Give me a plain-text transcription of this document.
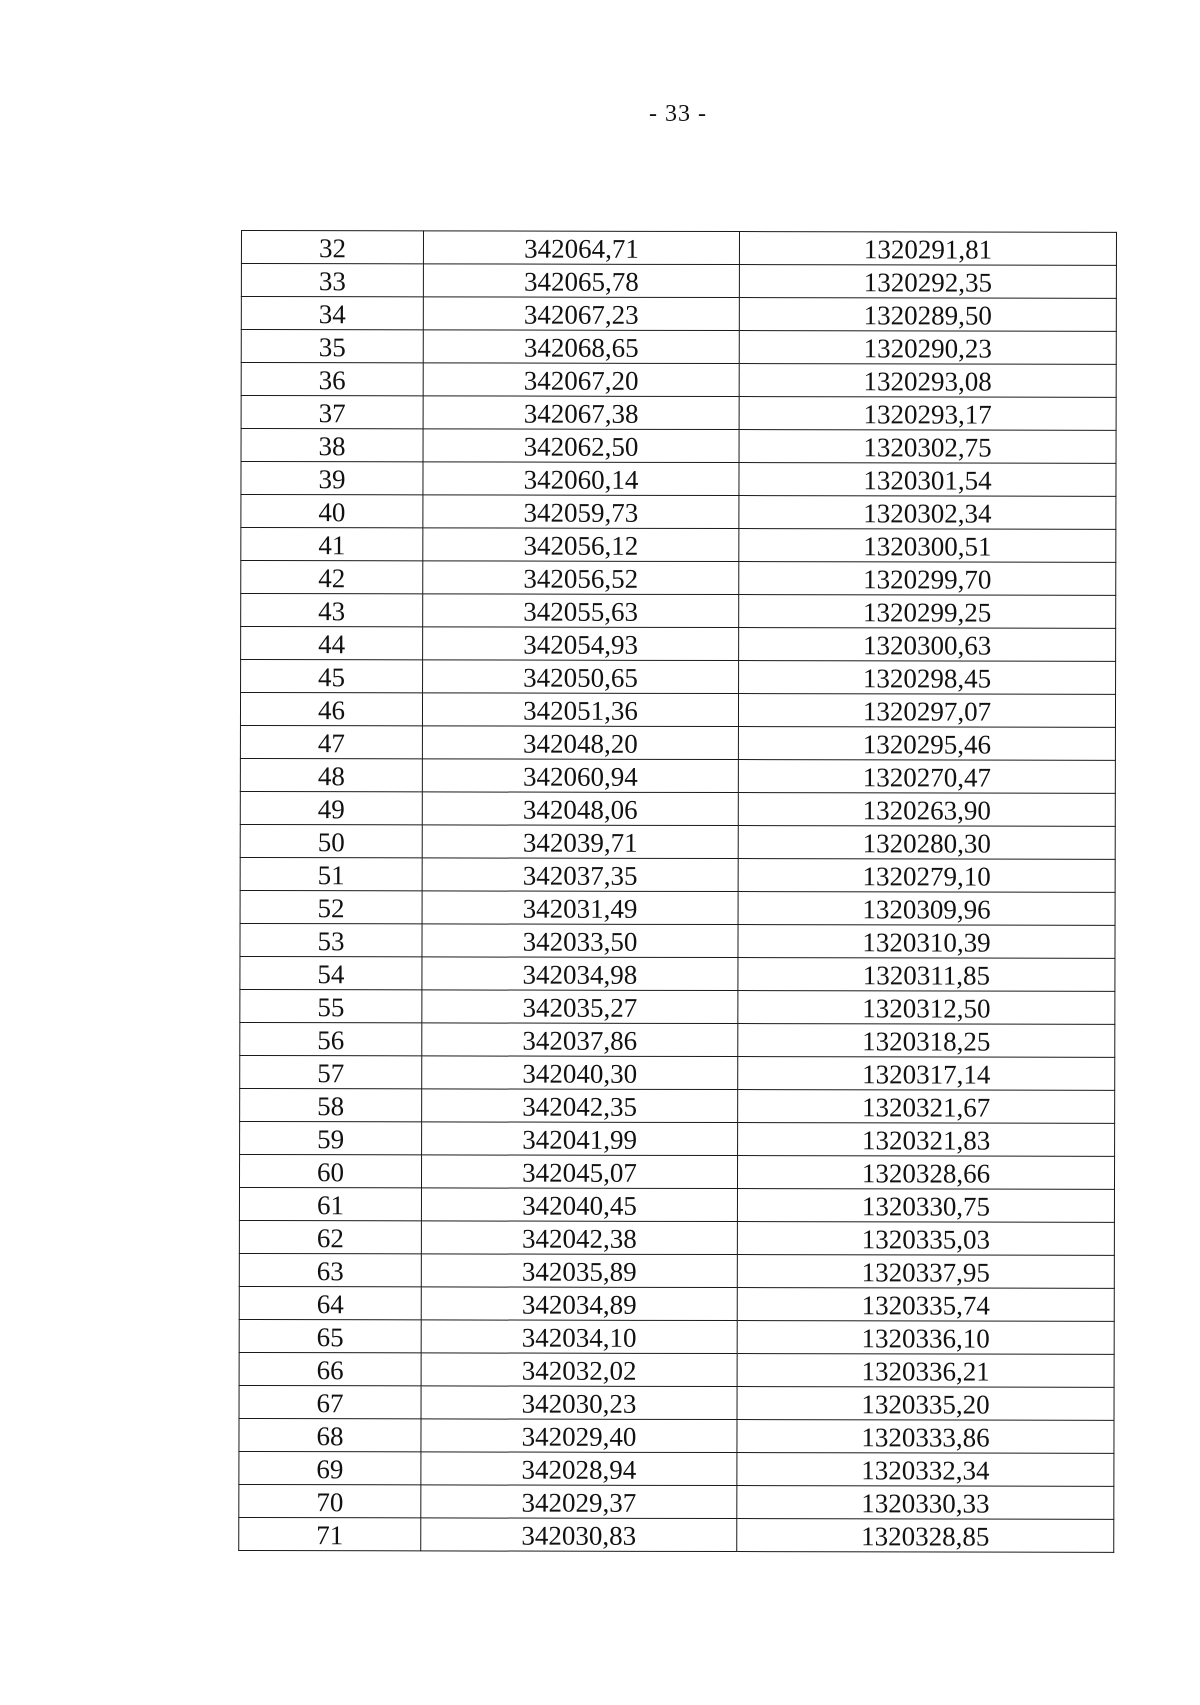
- 33 -
32	342064,71	1320291,81
33	342065,78	1320292,35
34	342067,23	1320289,50
35	342068,65	1320290,23
36	342067,20	1320293,08
37	342067,38	1320293,17
38	342062,50	1320302,75
39	342060,14	1320301,54
40	342059,73	1320302,34
41	342056,12	1320300,51
42	342056,52	1320299,70
43	342055,63	1320299,25
44	342054,93	1320300,63
45	342050,65	1320298,45
46	342051,36	1320297,07
47	342048,20	1320295,46
48	342060,94	1320270,47
49	342048,06	1320263,90
50	342039,71	1320280,30
51	342037,35	1320279,10
52	342031,49	1320309,96
53	342033,50	1320310,39
54	342034,98	1320311,85
55	342035,27	1320312,50
56	342037,86	1320318,25
57	342040,30	1320317,14
58	342042,35	1320321,67
59	342041,99	1320321,83
60	342045,07	1320328,66
61	342040,45	1320330,75
62	342042,38	1320335,03
63	342035,89	1320337,95
64	342034,89	1320335,74
65	342034,10	1320336,10
66	342032,02	1320336,21
67	342030,23	1320335,20
68	342029,40	1320333,86
69	342028,94	1320332,34
70	342029,37	1320330,33
71	342030,83	1320328,85
